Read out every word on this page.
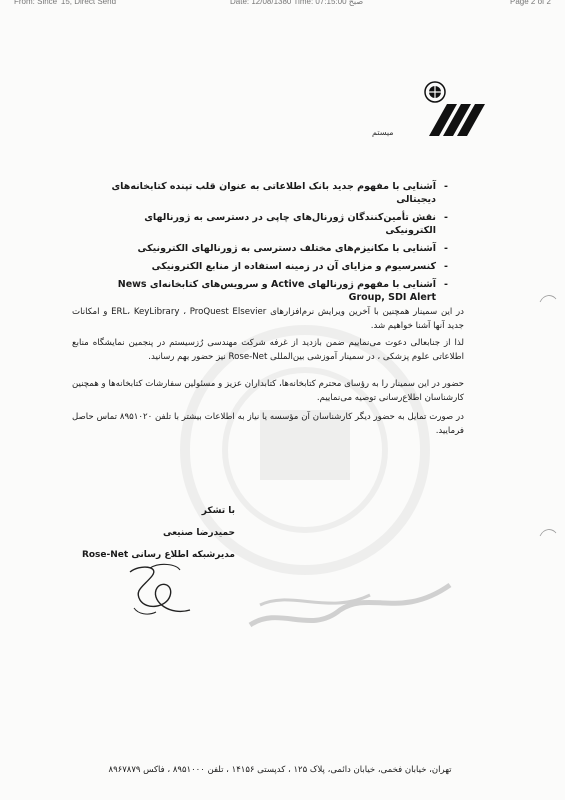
From: Since '15, Direct Send	Date: 12/08/1380 Time: 07:15:00 صبح	Page 2 of 2
میستم
-
آشنایی با مفهوم جدید بانک اطلاعاتی به عنوان قلب تپنده کتابخانه‌های دیجیتالی
-
نقش تأمین‌کنندگان ژورنال‌های چاپی در دسترسی به ژورنالهای الکترونیکی
-
آشنایی با مکانیزم‌های مختلف دسترسی به ژورنالهای الکترونیکی
-
کنسرسیوم و مزایای آن در زمینه استفاده از منابع الکترونیکی
-
آشنایی با مفهوم ژورنالهای Active و سرویس‌های کتابخانه‌ای News Group, SDI Alert
در این سمینار همچنین با آخرین ویرایش نرم‌افزارهای ERL، KeyLibrary ، ProQuest Elsevier و امکانات جدید آنها آشنا خواهیم شد.
لذا از جنابعالی دعوت می‌نماییم ضمن بازدید از غرفه شرکت مهندسی رُزسیستم در پنجمین نمایشگاه منابع اطلاعاتی علوم پزشکی ، در سمینار آموزشی بین‌المللی Rose-Net نیز حضور بهم رسانید.
حضور در این سمینار را به رؤسای محترم کتابخانه‌ها، کتابداران عزیز و مسئولین سفارشات کتابخانه‌ها و همچنین کارشناسان اطلاع‌رسانی توصیه می‌نماییم.
در صورت تمایل به حضور دیگر کارشناسان آن مؤسسه یا نیاز به اطلاعات بیشتر با تلفن ۸۹۵۱۰۲۰ تماس حاصل فرمایید.
با تشکر
حمیدرضا صنیعی
مدیرشبکه اطلاع رسانی Rose-Net
تهران، خیابان فخمی، خیابان دائمی، پلاک ۱۲۵ ، کدپستی ۱۴۱۵۶ ، تلفن ۸۹۵۱۰۰۰ ، فاکس ۸۹۶۷۸۷۹
